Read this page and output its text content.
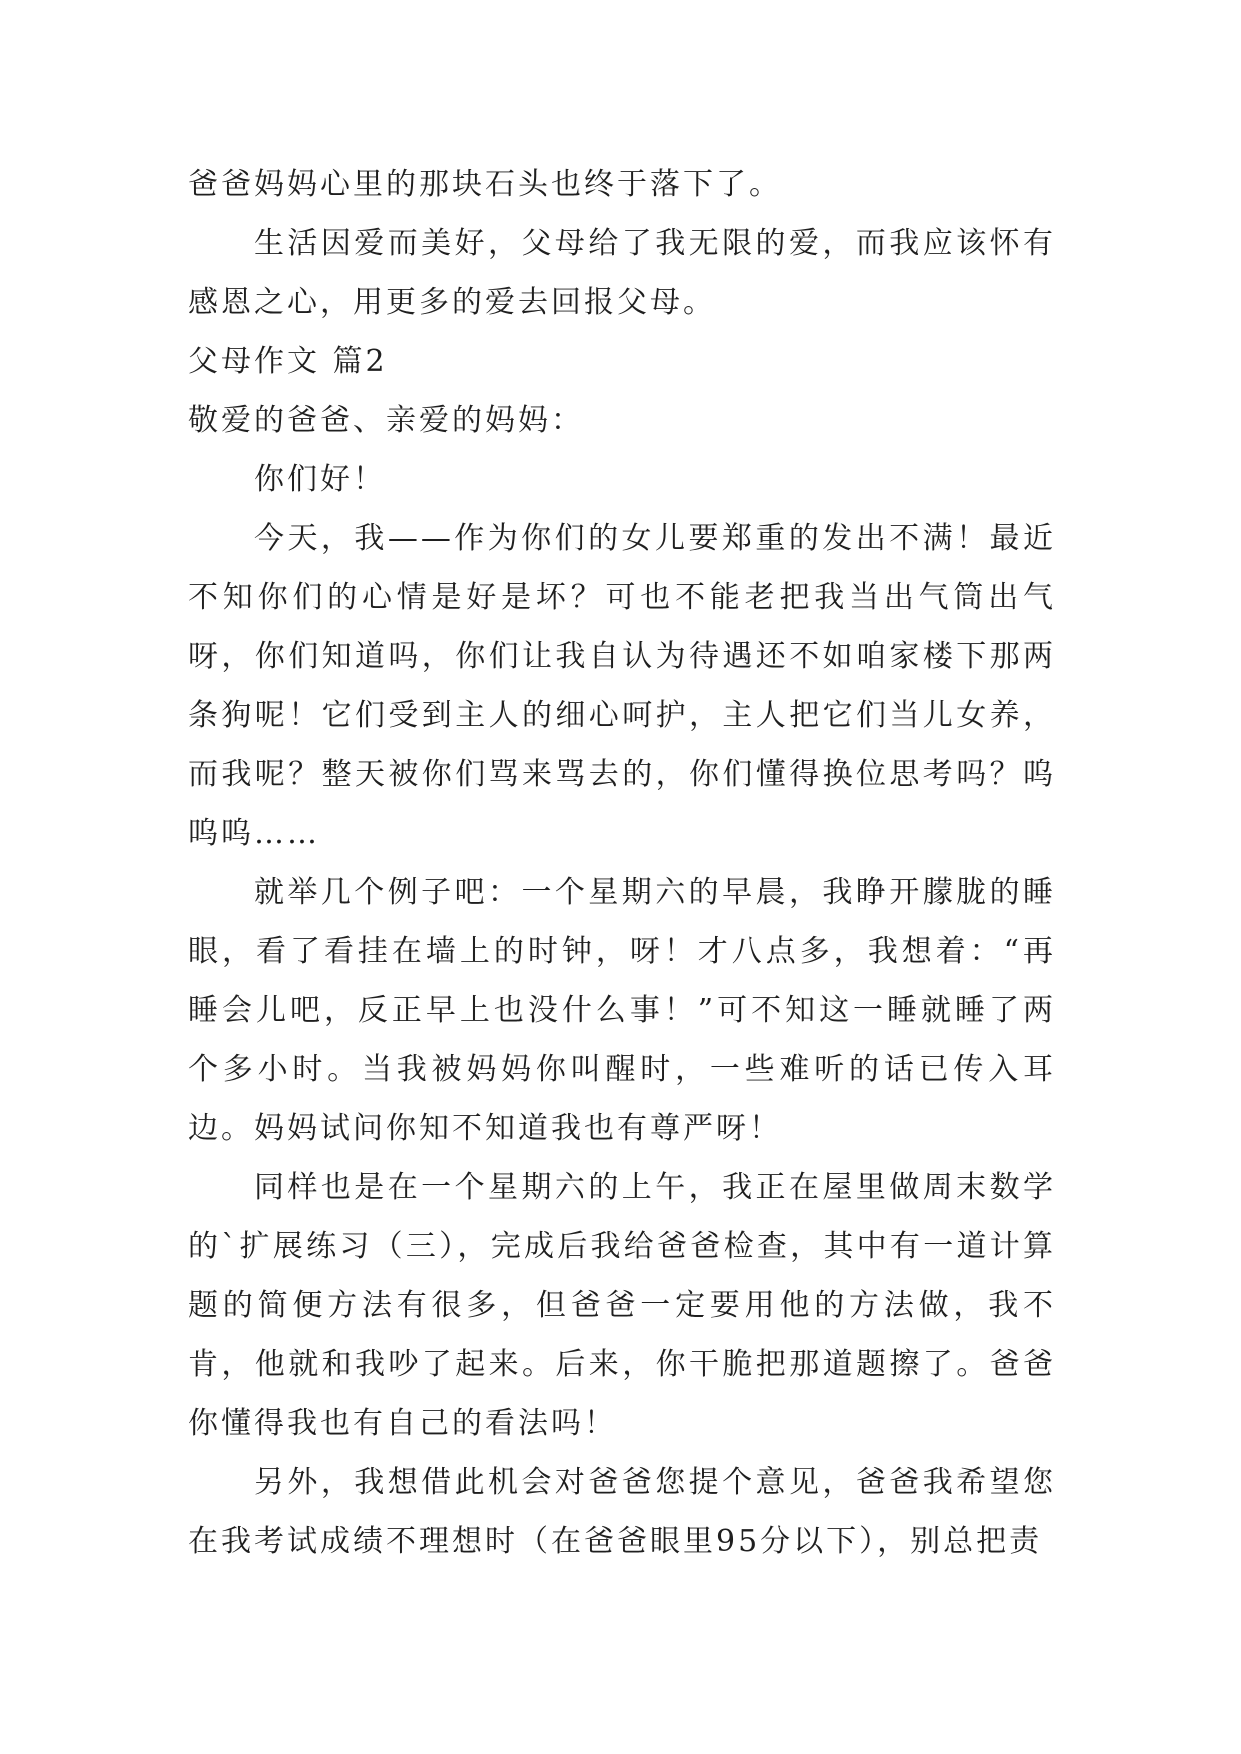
爸爸妈妈心里的那块石头也终于落下了。

生活因爱而美好，父母给了我无限的爱，而我应该怀有感恩之心，用更多的爱去回报父母。

父母作文 篇2

敬爱的爸爸、亲爱的妈妈：

你们好！

今天，我——作为你们的女儿要郑重的发出不满！最近不知你们的心情是好是坏？可也不能老把我当出气筒出气呀，你们知道吗，你们让我自认为待遇还不如咱家楼下那两条狗呢！它们受到主人的细心呵护，主人把它们当儿女养，而我呢？整天被你们骂来骂去的，你们懂得换位思考吗？呜呜呜……

就举几个例子吧：一个星期六的早晨，我睁开朦胧的睡眼，看了看挂在墙上的时钟，呀！才八点多，我想着：“再睡会儿吧，反正早上也没什么事！”可不知这一睡就睡了两个多小时。当我被妈妈你叫醒时，一些难听的话已传入耳边。妈妈试问你知不知道我也有尊严呀！

同样也是在一个星期六的上午，我正在屋里做周末数学的`扩展练习（三），完成后我给爸爸检查，其中有一道计算题的简便方法有很多，但爸爸一定要用他的方法做，我不肯，他就和我吵了起来。后来，你干脆把那道题擦了。爸爸你懂得我也有自己的看法吗！

另外，我想借此机会对爸爸您提个意见，爸爸我希望您在我考试成绩不理想时（在爸爸眼里95分以下），别总把责
